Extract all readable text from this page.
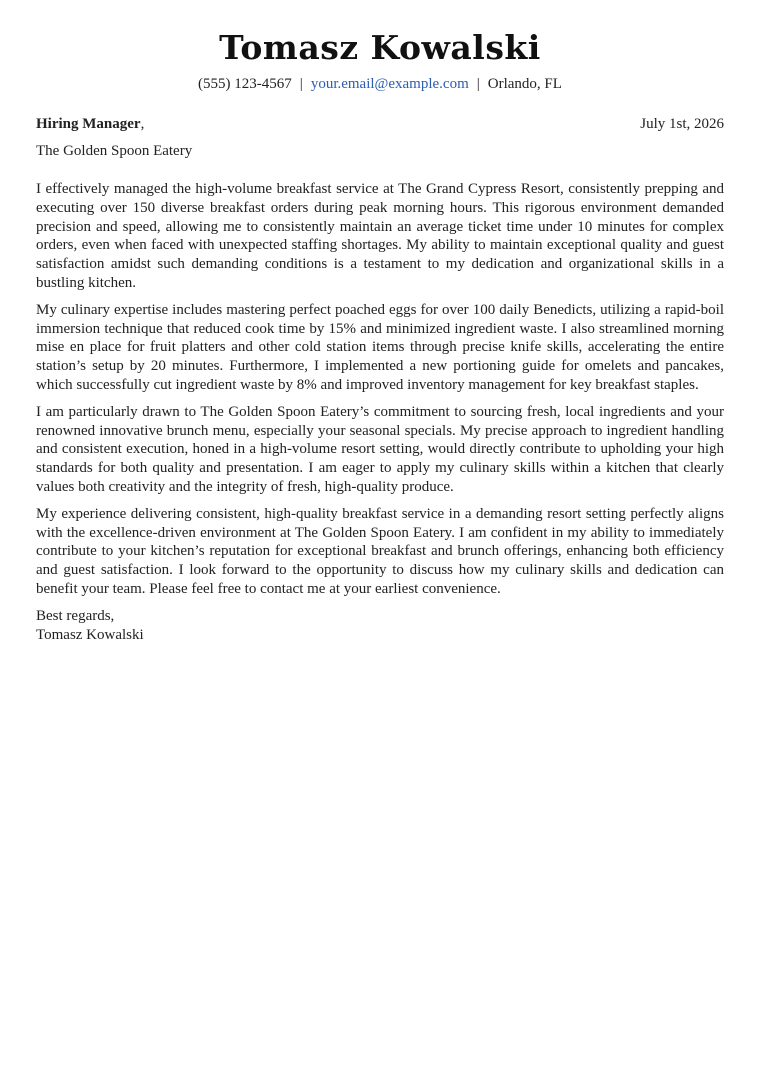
Tomasz Kowalski
(555) 123-4567 | your.email@example.com | Orlando, FL
Hiring Manager,	July 1st, 2026
The Golden Spoon Eatery

I effectively managed the high-volume breakfast service at The Grand Cypress Resort, consistently prepping and executing over 150 diverse breakfast orders during peak morning hours. This rigorous environment demanded precision and speed, allowing me to consistently maintain an average ticket time under 10 minutes for complex orders, even when faced with unexpected staffing shortages. My ability to maintain exceptional quality and guest satisfaction amidst such demanding conditions is a testament to my dedication and organizational skills in a bustling kitchen.

My culinary expertise includes mastering perfect poached eggs for over 100 daily Benedicts, utilizing a rapid-boil immersion technique that reduced cook time by 15% and minimized ingredient waste. I also streamlined morning mise en place for fruit platters and other cold station items through precise knife skills, accelerating the entire station’s setup by 20 minutes. Furthermore, I implemented a new portioning guide for omelets and pancakes, which successfully cut ingredient waste by 8% and improved inventory management for key breakfast staples.

I am particularly drawn to The Golden Spoon Eatery’s commitment to sourcing fresh, local ingredients and your renowned innovative brunch menu, especially your seasonal specials. My precise approach to ingredient handling and consistent execution, honed in a high-volume resort setting, would directly contribute to upholding your high standards for both quality and presentation. I am eager to apply my culinary skills within a kitchen that clearly values both creativity and the integrity of fresh, high-quality produce.

My experience delivering consistent, high-quality breakfast service in a demanding resort setting perfectly aligns with the excellence-driven environment at The Golden Spoon Eatery. I am confident in my ability to immediately contribute to your kitchen’s reputation for exceptional breakfast and brunch offerings, enhancing both efficiency and guest satisfaction. I look forward to the opportunity to discuss how my culinary skills and dedication can benefit your team. Please feel free to contact me at your earliest convenience.

Best regards,
Tomasz Kowalski
